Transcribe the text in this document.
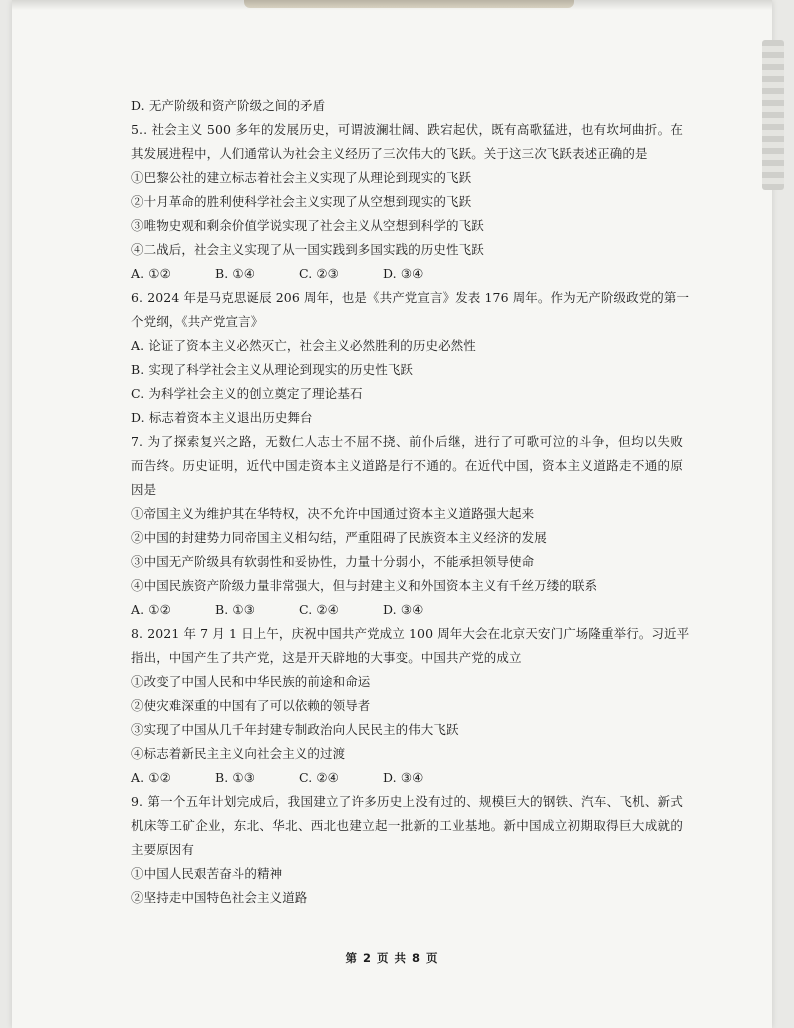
D. 无产阶级和资产阶级之间的矛盾
5.. 社会主义 500 多年的发展历史，可谓波澜壮阔、跌宕起伏，既有高歌猛进，也有坎坷曲折。在
其发展进程中，人们通常认为社会主义经历了三次伟大的飞跃。关于这三次飞跃表述正确的是
①巴黎公社的建立标志着社会主义实现了从理论到现实的飞跃
②十月革命的胜利使科学社会主义实现了从空想到现实的飞跃
③唯物史观和剩余价值学说实现了社会主义从空想到科学的飞跃
④二战后，社会主义实现了从一国实践到多国实践的历史性飞跃
A. ①②	B. ①④	C. ②③	D. ③④
6. 2024 年是马克思诞辰 206 周年，也是《共产党宣言》发表 176 周年。作为无产阶级政党的第一
个党纲，《共产党宣言》
A. 论证了资本主义必然灭亡，社会主义必然胜利的历史必然性
B. 实现了科学社会主义从理论到现实的历史性飞跃
C. 为科学社会主义的创立奠定了理论基石
D. 标志着资本主义退出历史舞台
7. 为了探索复兴之路，无数仁人志士不屈不挠、前仆后继，进行了可歌可泣的斗争，但均以失败
而告终。历史证明，近代中国走资本主义道路是行不通的。在近代中国，资本主义道路走不通的原
因是
①帝国主义为维护其在华特权，决不允许中国通过资本主义道路强大起来
②中国的封建势力同帝国主义相勾结，严重阻碍了民族资本主义经济的发展
③中国无产阶级具有软弱性和妥协性，力量十分弱小，不能承担领导使命
④中国民族资产阶级力量非常强大，但与封建主义和外国资本主义有千丝万缕的联系
A. ①②	B. ①③	C. ②④	D. ③④
8. 2021 年 7 月 1 日上午，庆祝中国共产党成立 100 周年大会在北京天安门广场隆重举行。习近平
指出，中国产生了共产党，这是开天辟地的大事变。中国共产党的成立
①改变了中国人民和中华民族的前途和命运
②使灾难深重的中国有了可以依赖的领导者
③实现了中国从几千年封建专制政治向人民民主的伟大飞跃
④标志着新民主主义向社会主义的过渡
A. ①②	B. ①③	C. ②④	D. ③④
9. 第一个五年计划完成后，我国建立了许多历史上没有过的、规模巨大的钢铁、汽车、飞机、新式
机床等工矿企业，东北、华北、西北也建立起一批新的工业基地。新中国成立初期取得巨大成就的
主要原因有
①中国人民艰苦奋斗的精神
②坚持走中国特色社会主义道路
第 2 页 共 8 页
